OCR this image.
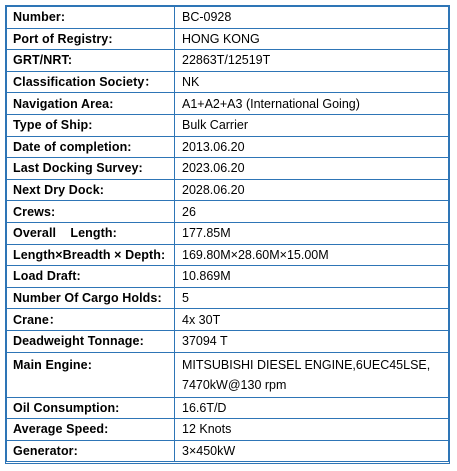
Number:	BC-0928
Port of Registry:	HONG KONG
GRT/NRT:	22863T/12519T
Classification Society：	NK
Navigation Area:	A1+A2+A3 (International Going)
Type of Ship:	Bulk Carrier
Date of completion:	2013.06.20
Last Docking Survey:	2023.06.20
Next Dry Dock:	2028.06.20
Crews:	26
Overall    Length:	177.85M
Length×Breadth × Depth:	169.80M×28.60M×15.00M
Load Draft:	10.869M
Number Of Cargo Holds:	5
Crane：	4x 30T
Deadweight Tonnage:	37094 T
Main Engine:	MITSUBISHI DIESEL ENGINE,6UEC45LSE,
7470kW@130 rpm

Oil Consumption:	16.6T/D
Average Speed:	12 Knots
Generator:	3×450kW
